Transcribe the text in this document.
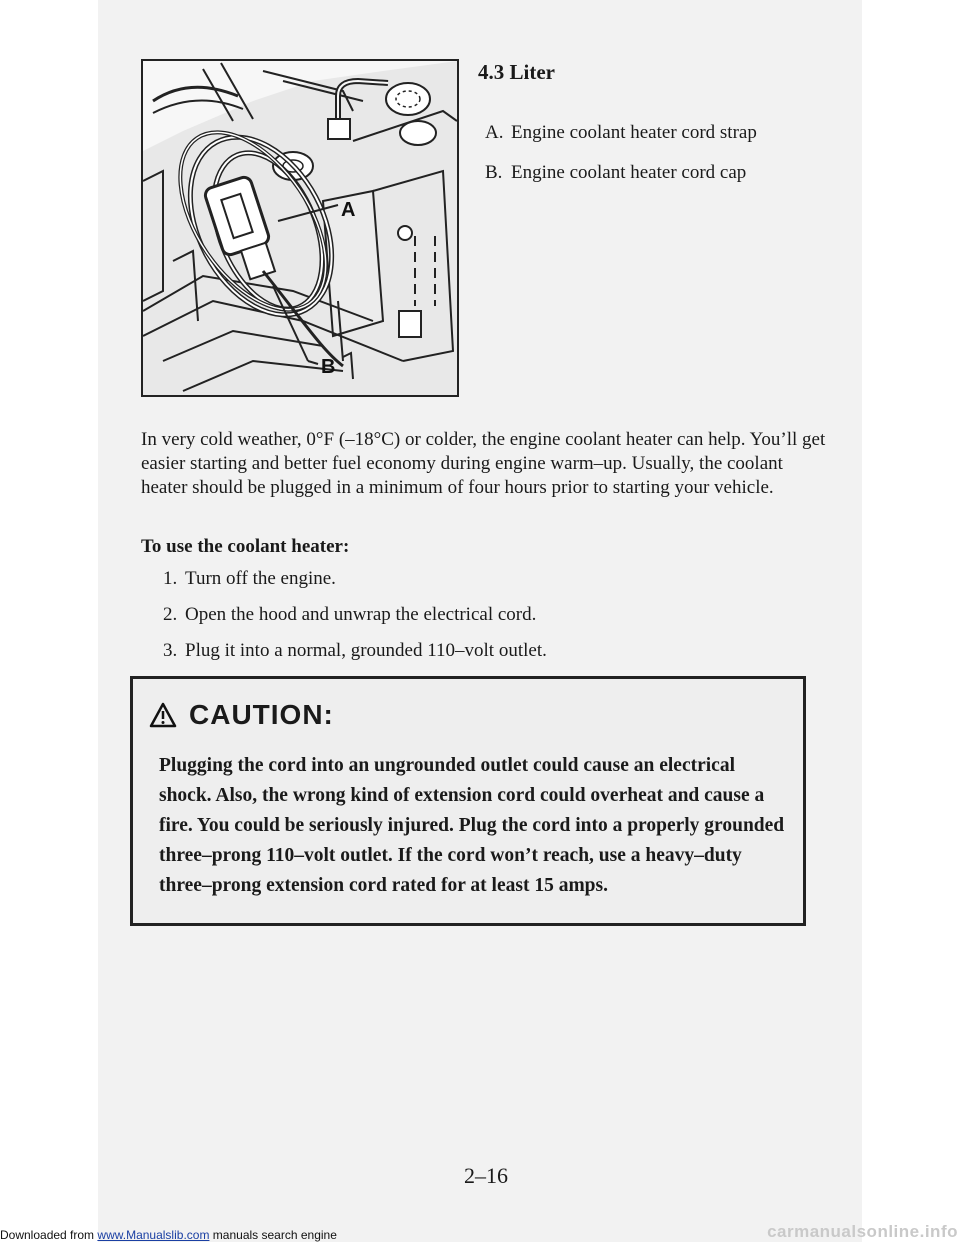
A
B
4.3 Liter
A. Engine coolant heater cord strap
B. Engine coolant heater cord cap

In very cold weather, 0°F (–18°C) or colder, the engine coolant heater can help. You’ll get easier starting and better fuel economy during engine warm–up. Usually, the coolant heater should be plugged in a minimum of four hours prior to starting your vehicle.

To use the coolant heater:
1. Turn off the engine.
2. Open the hood and unwrap the electrical cord.
3. Plug it into a normal, grounded 110–volt outlet.
CAUTION:
Plugging the cord into an ungrounded outlet could cause an electrical shock. Also, the wrong kind of extension cord could overheat and cause a fire. You could be seriously injured. Plug the cord into a properly grounded three–prong 110–volt outlet. If the cord won’t reach, use a heavy–duty three–prong extension cord rated for at least 15 amps.
2–16
Downloaded from www.Manualslib.com manuals search engine	carmanualsonline.info
